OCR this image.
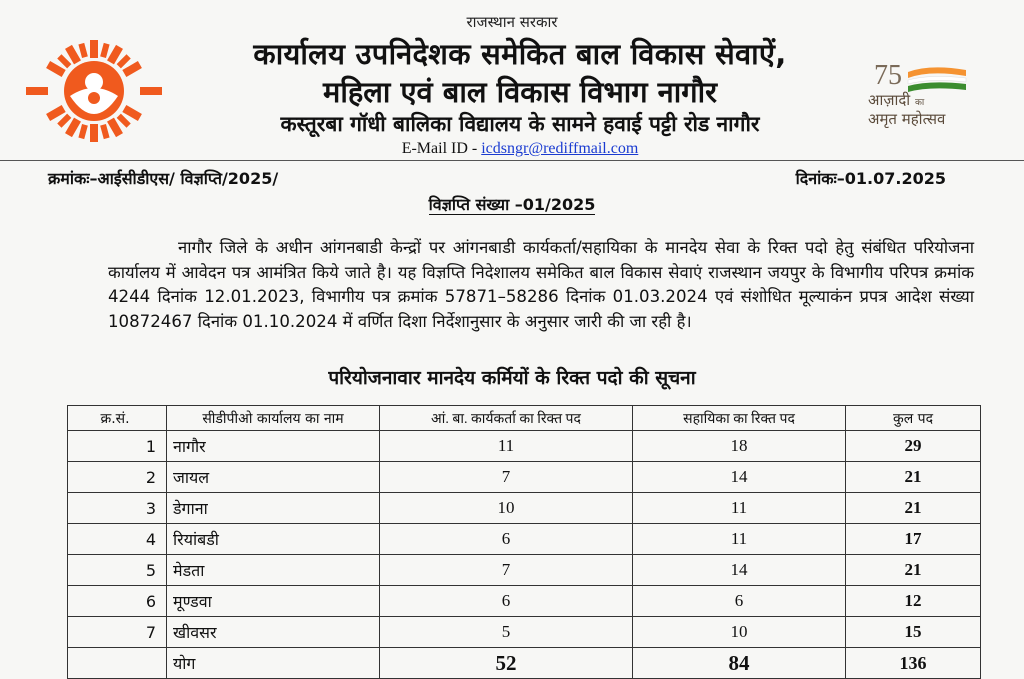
75
आज़ादी का
अमृत महोत्सव
राजस्थान सरकार
कार्यालय उपनिदेशक समेकित बाल विकास सेवाऐं,
महिला एवं बाल विकास विभाग नागौर
कस्तूरबा गॉधी बालिका विद्यालय के सामने हवाई पट्टी रोड नागौर
E-Mail ID - icdsngr@rediffmail.com
क्रमांकः–आईसीडीएस/ विज्ञप्ति/2025/	दिनांकः–01.07.2025
विज्ञप्ति संख्या –01/2025
नागौर जिले के अधीन आंगनबाडी केन्द्रों पर आंगनबाडी कार्यकर्ता/सहायिका के मानदेय सेवा के रिक्त पदो हेतु संबंधित परियोजना कार्यालय में आवेदन पत्र आमंत्रित किये जाते है। यह विज्ञप्ति निदेशालय समेकित बाल विकास सेवाएं राजस्थान जयपुर के विभागीय परिपत्र क्रमांक 4244 दिनांक 12.01.2023, विभागीय पत्र क्रमांक 57871–58286 दिनांक 01.03.2024 एवं संशोधित मूल्याकंन प्रपत्र आदेश संख्या 10872467 दिनांक 01.10.2024 में वर्णित दिशा निर्देशानुसार के अनुसार जारी की जा रही है।
परियोजनावार मानदेय कर्मियों के रिक्त पदो की सूचना
क्र.सं.	सीडीपीओ कार्यालय का नाम	आं. बा. कार्यकर्ता का रिक्त पद	सहायिका का रिक्त पद	कुल पद
1	नागौर	11	18	29
2	जायल	7	14	21
3	डेगाना	10	11	21
4	रियांबडी	6	11	17
5	मेडता	7	14	21
6	मूण्डवा	6	6	12
7	खीवसर	5	10	15
	योग	52	84	136
